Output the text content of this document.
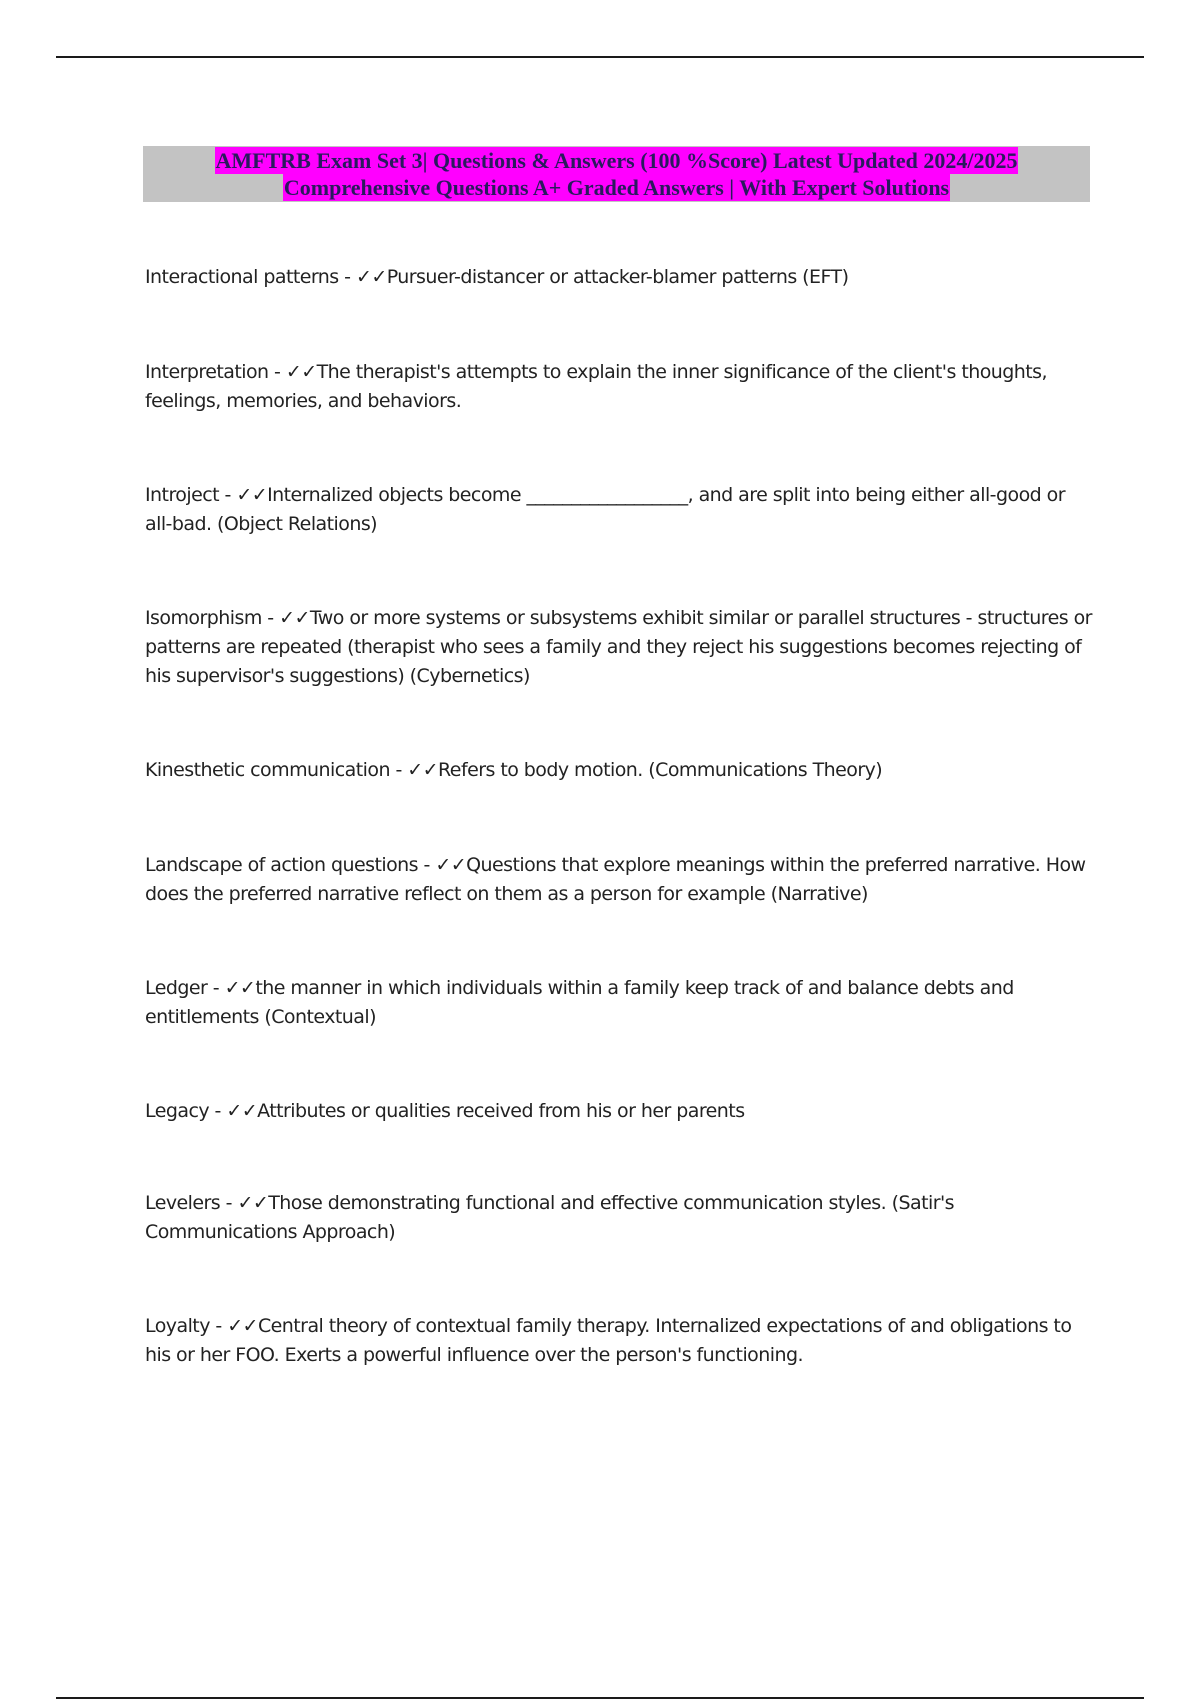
AMFTRB Exam Set 3| Questions & Answers (100 %Score) Latest Updated 2024/2025
Comprehensive Questions A+ Graded Answers | With Expert Solutions
Interactional patterns - ✓✓Pursuer-distancer or attacker-blamer patterns (EFT)
Interpretation - ✓✓The therapist's attempts to explain the inner significance of the client's thoughts, feelings, memories, and behaviors.
Introject - ✓✓Internalized objects become __________________, and are split into being either all-good or all-bad. (Object Relations)
Isomorphism - ✓✓Two or more systems or subsystems exhibit similar or parallel structures - structures or patterns are repeated (therapist who sees a family and they reject his suggestions becomes rejecting of his supervisor's suggestions) (Cybernetics)
Kinesthetic communication - ✓✓Refers to body motion. (Communications Theory)
Landscape of action questions - ✓✓Questions that explore meanings within the preferred narrative. How does the preferred narrative reflect on them as a person for example (Narrative)
Ledger - ✓✓the manner in which individuals within a family keep track of and balance debts and entitlements (Contextual)
Legacy - ✓✓Attributes or qualities received from his or her parents
Levelers - ✓✓Those demonstrating functional and effective communication styles. (Satir's Communications Approach)
Loyalty - ✓✓Central theory of contextual family therapy. Internalized expectations of and obligations to his or her FOO. Exerts a powerful influence over the person's functioning.
